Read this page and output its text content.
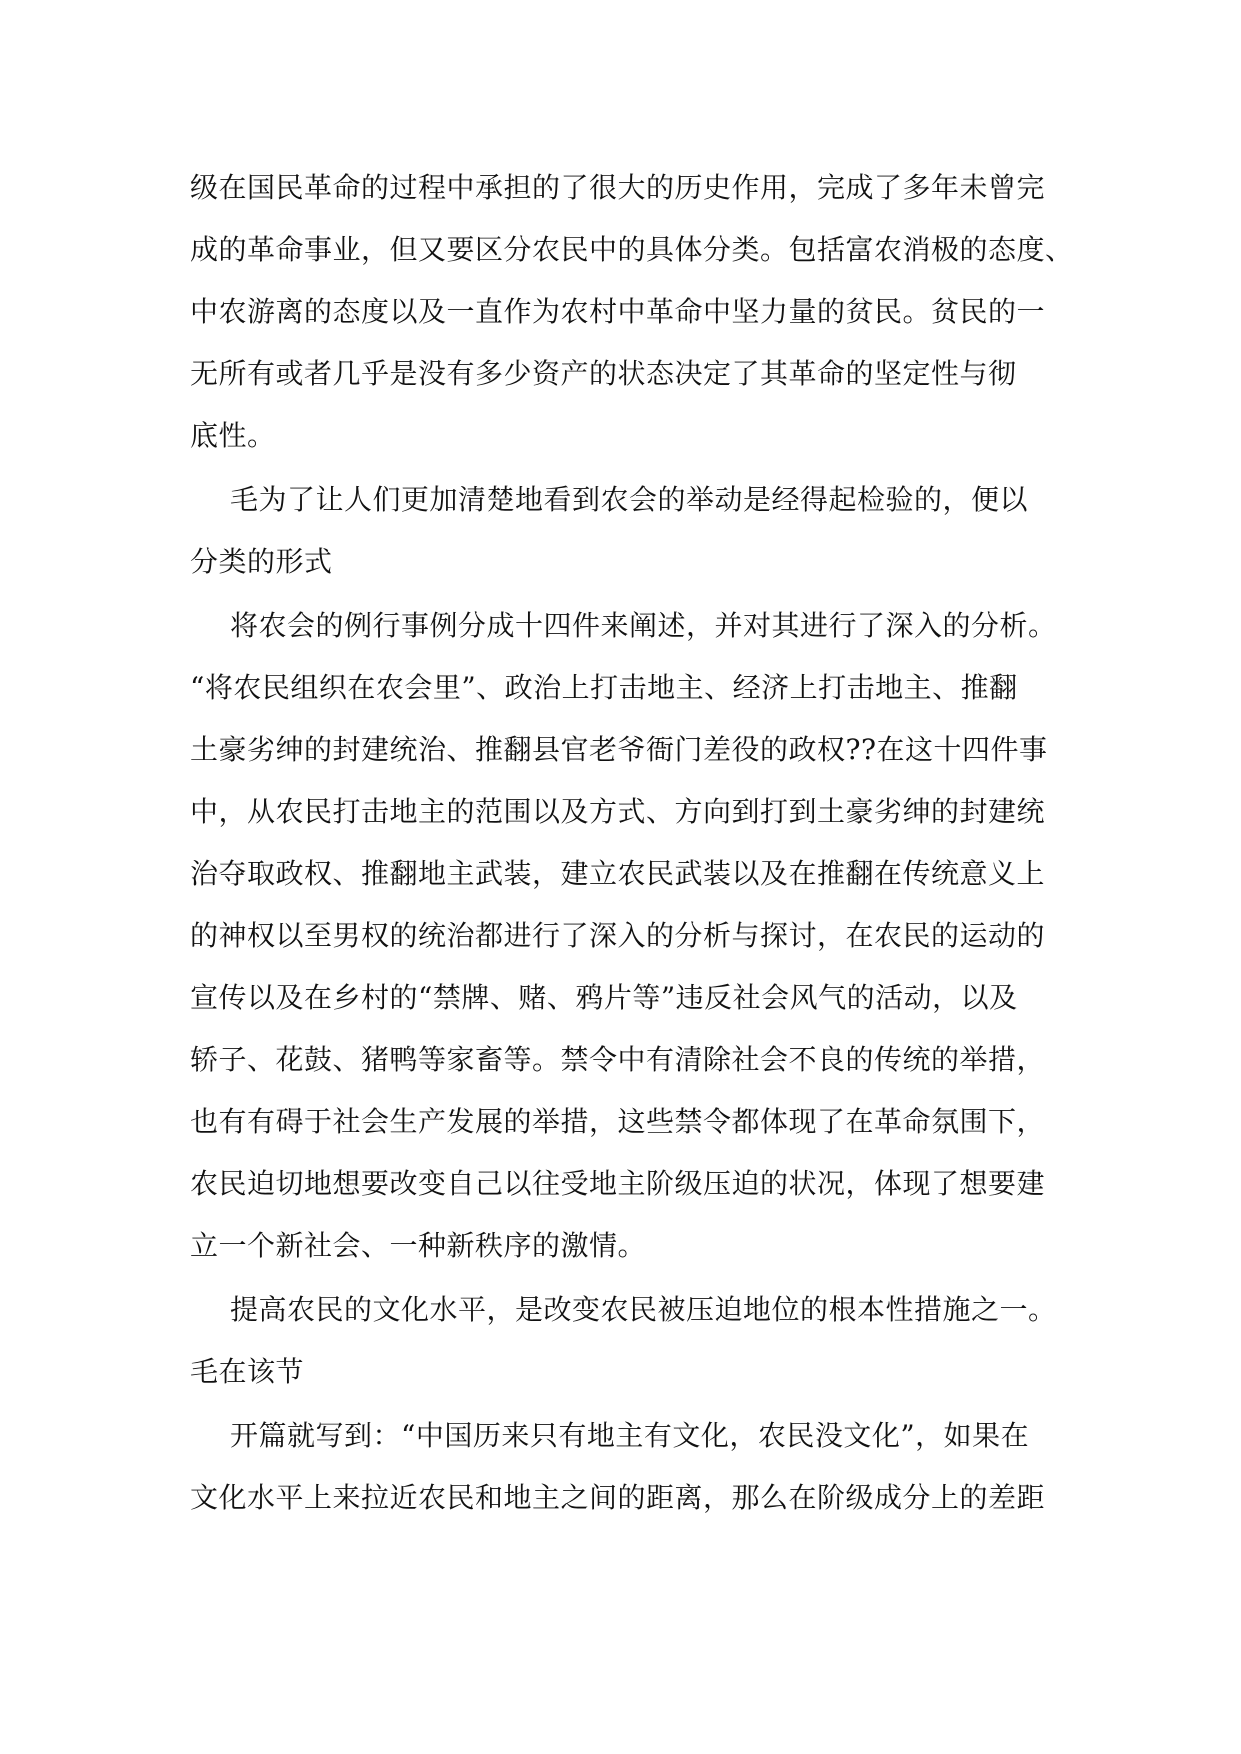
级在国民革命的过程中承担的了很大的历史作用，完成了多年未曾完
成的革命事业，但又要区分农民中的具体分类。包括富农消极的态度、
中农游离的态度以及一直作为农村中革命中坚力量的贫民。贫民的一
无所有或者几乎是没有多少资产的状态决定了其革命的坚定性与彻
底性。
毛为了让人们更加清楚地看到农会的举动是经得起检验的，便以
分类的形式
将农会的例行事例分成十四件来阐述，并对其进行了深入的分析。
“将农民组织在农会里”、政治上打击地主、经济上打击地主、推翻
土豪劣绅的封建统治、推翻县官老爷衙门差役的政权??在这十四件事
中，从农民打击地主的范围以及方式、方向到打到土豪劣绅的封建统
治夺取政权、推翻地主武装，建立农民武装以及在推翻在传统意义上
的神权以至男权的统治都进行了深入的分析与探讨，在农民的运动的
宣传以及在乡村的“禁牌、赌、鸦片等”违反社会风气的活动，以及
轿子、花鼓、猪鸭等家畜等。禁令中有清除社会不良的传统的举措，
也有有碍于社会生产发展的举措，这些禁令都体现了在革命氛围下，
农民迫切地想要改变自己以往受地主阶级压迫的状况，体现了想要建
立一个新社会、一种新秩序的激情。
提高农民的文化水平，是改变农民被压迫地位的根本性措施之一。
毛在该节
开篇就写到：“中国历来只有地主有文化，农民没文化”，如果在
文化水平上来拉近农民和地主之间的距离，那么在阶级成分上的差距
